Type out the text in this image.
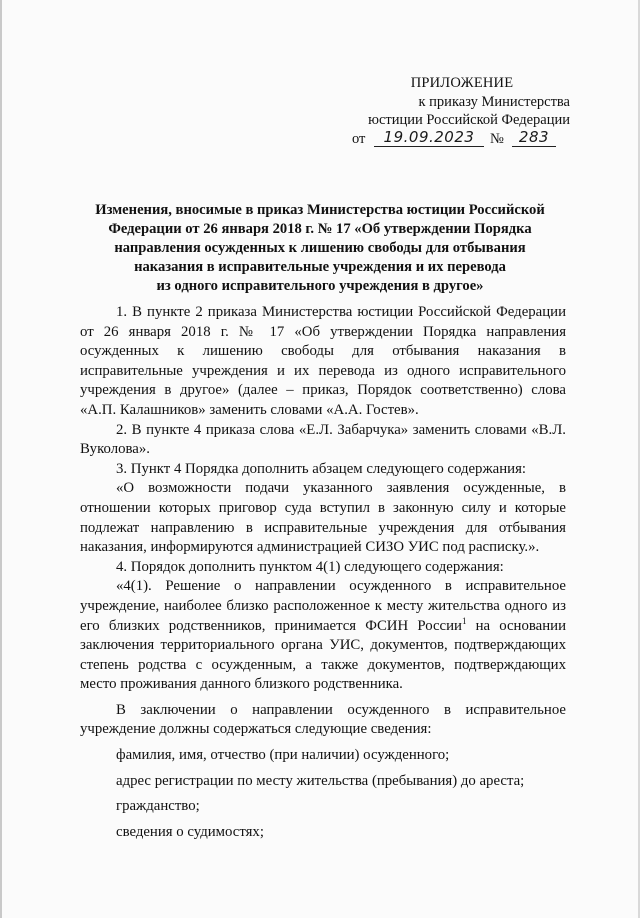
ПРИЛОЖЕНИЕ
к приказу Министерства
юстиции Российской Федерации
от	19.09.2023	№	283
Изменения, вносимые в приказ Министерства юстиции Российской
Федерации от 26 января 2018 г. № 17 «Об утверждении Порядка
направления осужденных к лишению свободы для отбывания
наказания в исправительные учреждения и их перевода
из одного исправительного учреждения в другое»

1. В пункте 2 приказа Министерства юстиции Российской Федерации от 26 января 2018 г. № 17 «Об утверждении Порядка направления осужденных к лишению свободы для отбывания наказания в исправительные учреждения и их перевода из одного исправительного учреждения в другое» (далее – приказ, Порядок соответственно) слова «А.П. Калашников» заменить словами «А.А. Гостев».

2. В пункте 4 приказа слова «Е.Л. Забарчука» заменить словами «В.Л. Вуколова».

3. Пункт 4 Порядка дополнить абзацем следующего содержания:

«О возможности подачи указанного заявления осужденные, в отношении которых приговор суда вступил в законную силу и которые подлежат направлению в исправительные учреждения для отбывания наказания, информируются администрацией СИЗО УИС под расписку.».

4. Порядок дополнить пунктом 4(1) следующего содержания:

«4(1). Решение о направлении осужденного в исправительное учреждение, наиболее близко расположенное к месту жительства одного из его близких родственников, принимается ФСИН России$^1$ на основании заключения территориального органа УИС, документов, подтверждающих степень родства с осужденным, а также документов, подтверждающих место проживания данного близкого родственника.

В заключении о направлении осужденного в исправительное учреждение должны содержаться следующие сведения:

фамилия, имя, отчество (при наличии) осужденного;

адрес регистрации по месту жительства (пребывания) до ареста;

гражданство;

сведения о судимостях;
